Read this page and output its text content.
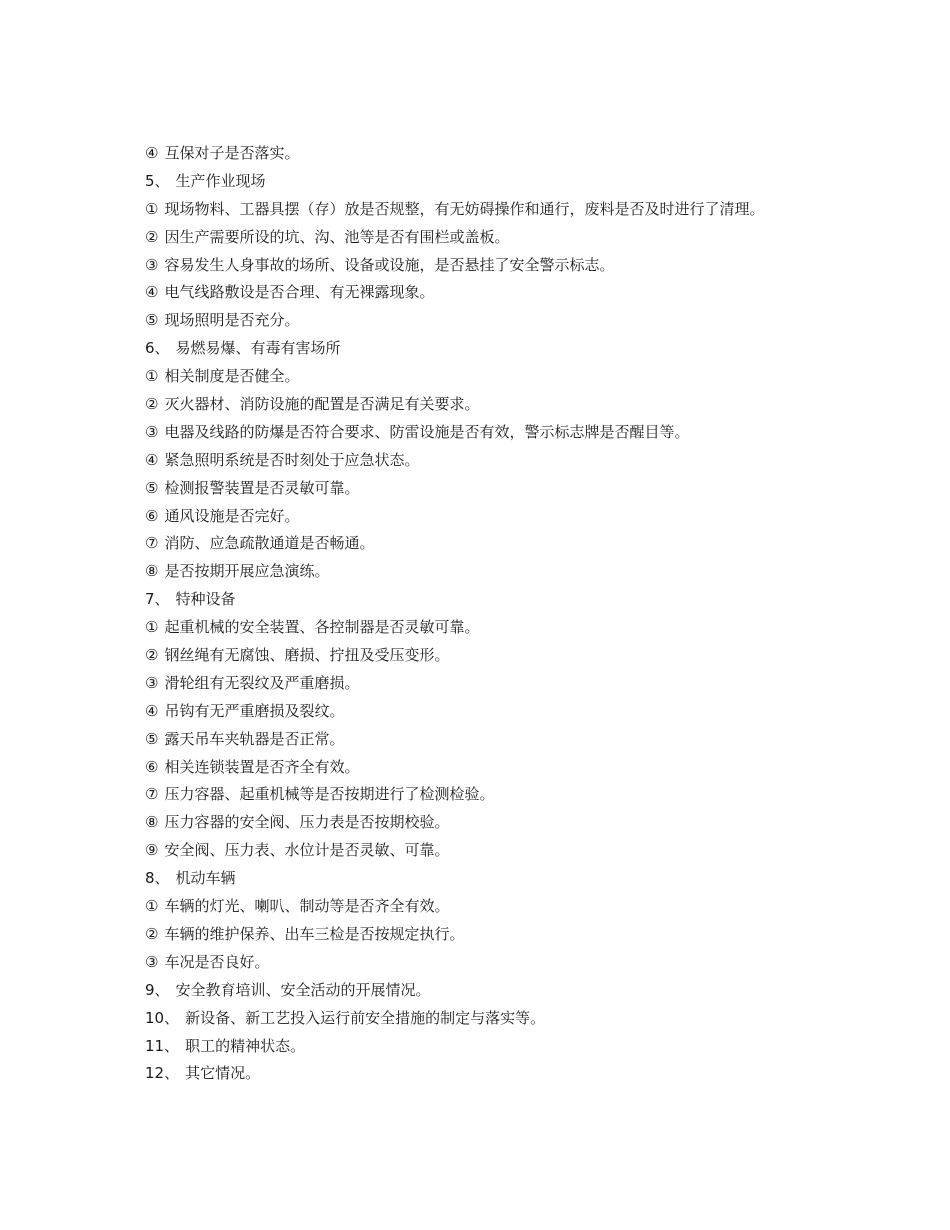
④ 互保对子是否落实。
5、 生产作业现场
① 现场物料、工器具摆（存）放是否规整，有无妨碍操作和通行，废料是否及时进行了清理。
② 因生产需要所设的坑、沟、池等是否有围栏或盖板。
③ 容易发生人身事故的场所、设备或设施，是否悬挂了安全警示标志。
④ 电气线路敷设是否合理、有无裸露现象。
⑤ 现场照明是否充分。
6、 易燃易爆、有毒有害场所
① 相关制度是否健全。
② 灭火器材、消防设施的配置是否满足有关要求。
③ 电器及线路的防爆是否符合要求、防雷设施是否有效，警示标志牌是否醒目等。
④ 紧急照明系统是否时刻处于应急状态。
⑤ 检测报警装置是否灵敏可靠。
⑥ 通风设施是否完好。
⑦ 消防、应急疏散通道是否畅通。
⑧ 是否按期开展应急演练。
7、 特种设备
① 起重机械的安全装置、各控制器是否灵敏可靠。
② 钢丝绳有无腐蚀、磨损、拧扭及受压变形。
③ 滑轮组有无裂纹及严重磨损。
④ 吊钩有无严重磨损及裂纹。
⑤ 露天吊车夹轨器是否正常。
⑥ 相关连锁装置是否齐全有效。
⑦ 压力容器、起重机械等是否按期进行了检测检验。
⑧ 压力容器的安全阀、压力表是否按期校验。
⑨ 安全阀、压力表、水位计是否灵敏、可靠。
8、 机动车辆
① 车辆的灯光、喇叭、制动等是否齐全有效。
② 车辆的维护保养、出车三检是否按规定执行。
③ 车况是否良好。
9、 安全教育培训、安全活动的开展情况。
10、 新设备、新工艺投入运行前安全措施的制定与落实等。
11、 职工的精神状态。
12、 其它情况。
